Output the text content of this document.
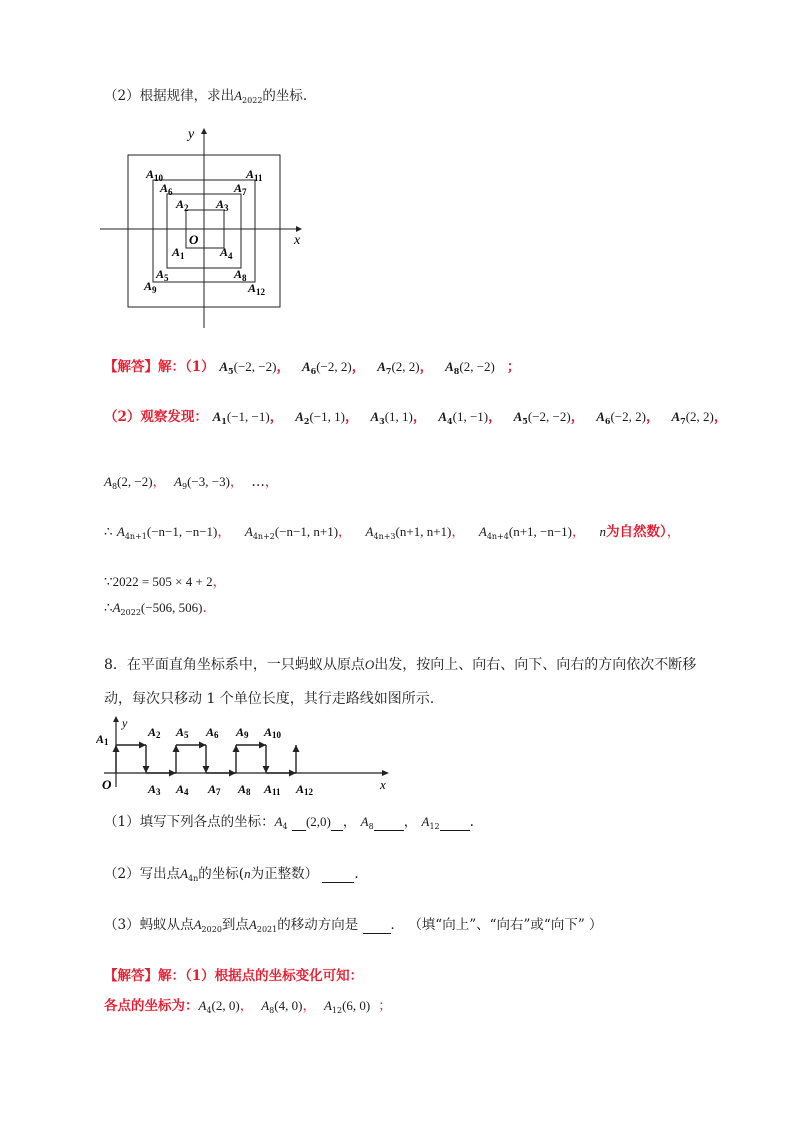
（2）根据规律，求出$A_{2022}$的坐标.
x
y
O
$A_1$
$A_2$ $A_3$
$A_4$
$A_5$
$A_6$	$A_7$
$A_8$
$A_9$
$A_{10}$	$A_{11}$
$A_{12}$
【解答】解：（1） $A_5(-2$, −2)， $A_6(-2$, 2)， $A_7(2$, 2)， $A_8(2$, −2) ；
（2）观察发现： $A_1(-1$, −1)， $A_2(-1$, 1)， $A_3(1$, 1)， $A_4(1$, −1)， $A_5(-2$, −2)， $A_6(-2$, 2)， $A_7(2$, 2)，
$A_8(2$, −2)， $A_9(-3$, −3)， …，
∴ $A_{4n+1}(-n-1$, −n−1)， $A_{4n+2}(-n-1$, n+1)， $A_{4n+3}(n+1$, n+1)， $A_{4n+4}(n+1$, −n−1)， n为自然数），
∵2022 = 505 × 4 + 2，
$\therefore A_{2022}(-506$, 506).
8．在平面直角坐标系中，一只蚂蚁从原点O出发，按向上、向右、向下、向右的方向依次不断移
动，每次只移动 1 个单位长度，其行走路线如图所示.
x
y
O
A1
A2
A3 A4
A5 A6
A7 A8
A9 A10
A11 A12
（1）填写下列各点的坐标：$A_4$ (2,0) ， $A_8$ ， $A_{12}$ .
（2）写出点$A_{4n}$的坐标(n为正整数）	.
（3）蚂蚁从点$A_{2020}$到点$A_{2021}$的移动方向是 ． （填“向上”、“向右”或“向下” ）
【解答】解：（1）根据点的坐标变化可知：
各点的坐标为：$A_4(2$, 0)， $A_8(4$, 0)， $A_{12}(6$, 0) ；
